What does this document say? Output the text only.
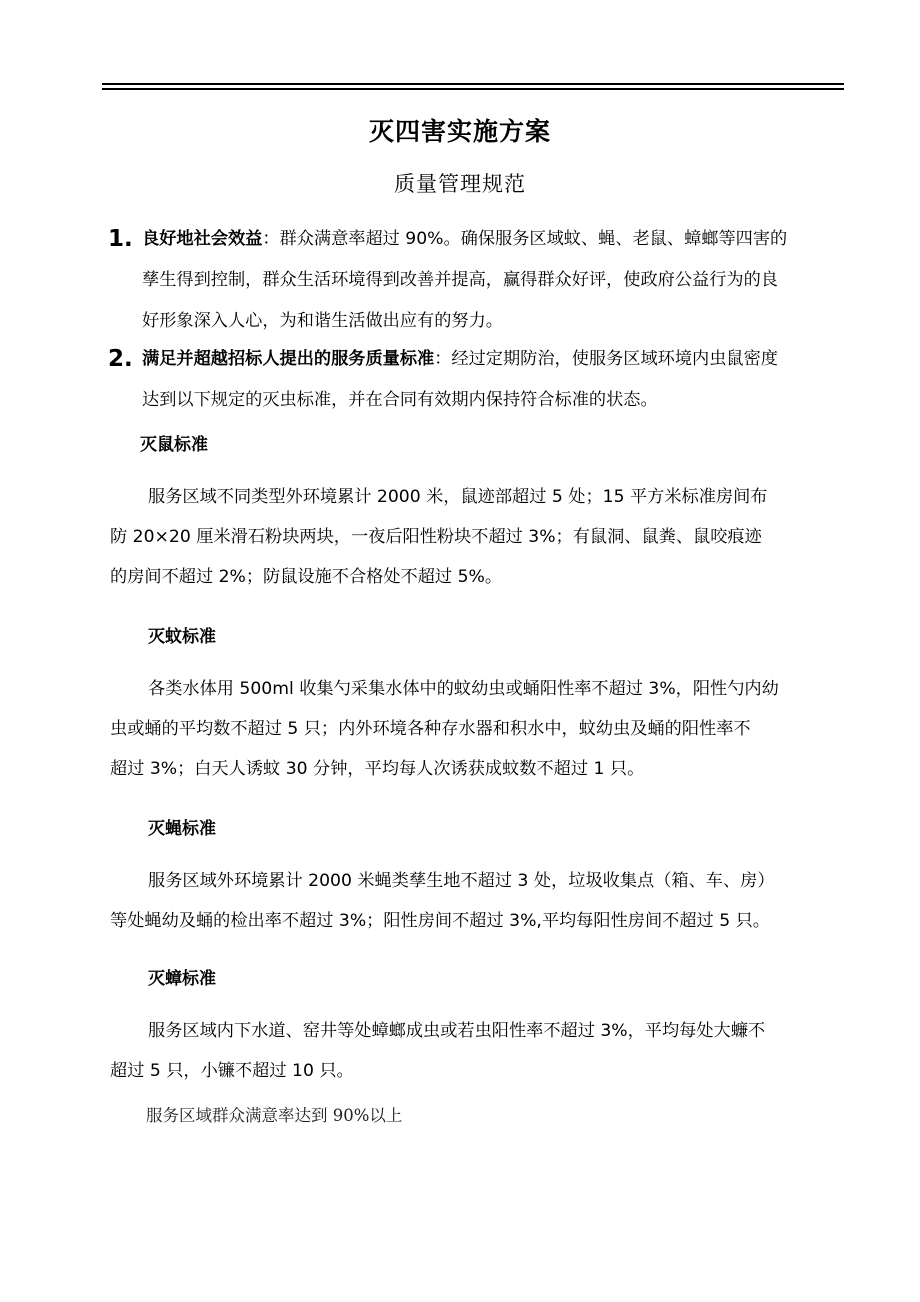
灭四害实施方案
质量管理规范
1. 良好地社会效益：群众满意率超过 90%。确保服务区域蚊、蝇、老鼠、蟑螂等四害的
孳生得到控制，群众生活环境得到改善并提高，赢得群众好评，使政府公益行为的良
好形象深入人心，为和谐生活做出应有的努力。
2. 满足并超越招标人提出的服务质量标准：经过定期防治，使服务区域环境内虫鼠密度
达到以下规定的灭虫标准，并在合同有效期内保持符合标准的状态。
灭鼠标准
服务区域不同类型外环境累计 2000 米，鼠迹部超过 5 处；15 平方米标准房间布
防 20×20 厘米滑石粉块两块，一夜后阳性粉块不超过 3%；有鼠洞、鼠粪、鼠咬痕迹
的房间不超过 2%；防鼠设施不合格处不超过 5%。
灭蚊标准
各类水体用 500ml 收集勺采集水体中的蚊幼虫或蛹阳性率不超过 3%，阳性勺内幼
虫或蛹的平均数不超过 5 只；内外环境各种存水器和积水中，蚊幼虫及蛹的阳性率不
超过 3%；白天人诱蚊 30 分钟，平均每人次诱获成蚊数不超过 1 只。
灭蝇标准
服务区域外环境累计 2000 米蝇类孳生地不超过 3 处，垃圾收集点（箱、车、房）
等处蝇幼及蛹的检出率不超过 3%；阳性房间不超过 3%,平均每阳性房间不超过 5 只。
灭蟑标准
服务区域内下水道、窑井等处蟑螂成虫或若虫阳性率不超过 3%，平均每处大蠊不
超过 5 只，小镰不超过 10 只。
服务区域群众满意率达到 90%以上
